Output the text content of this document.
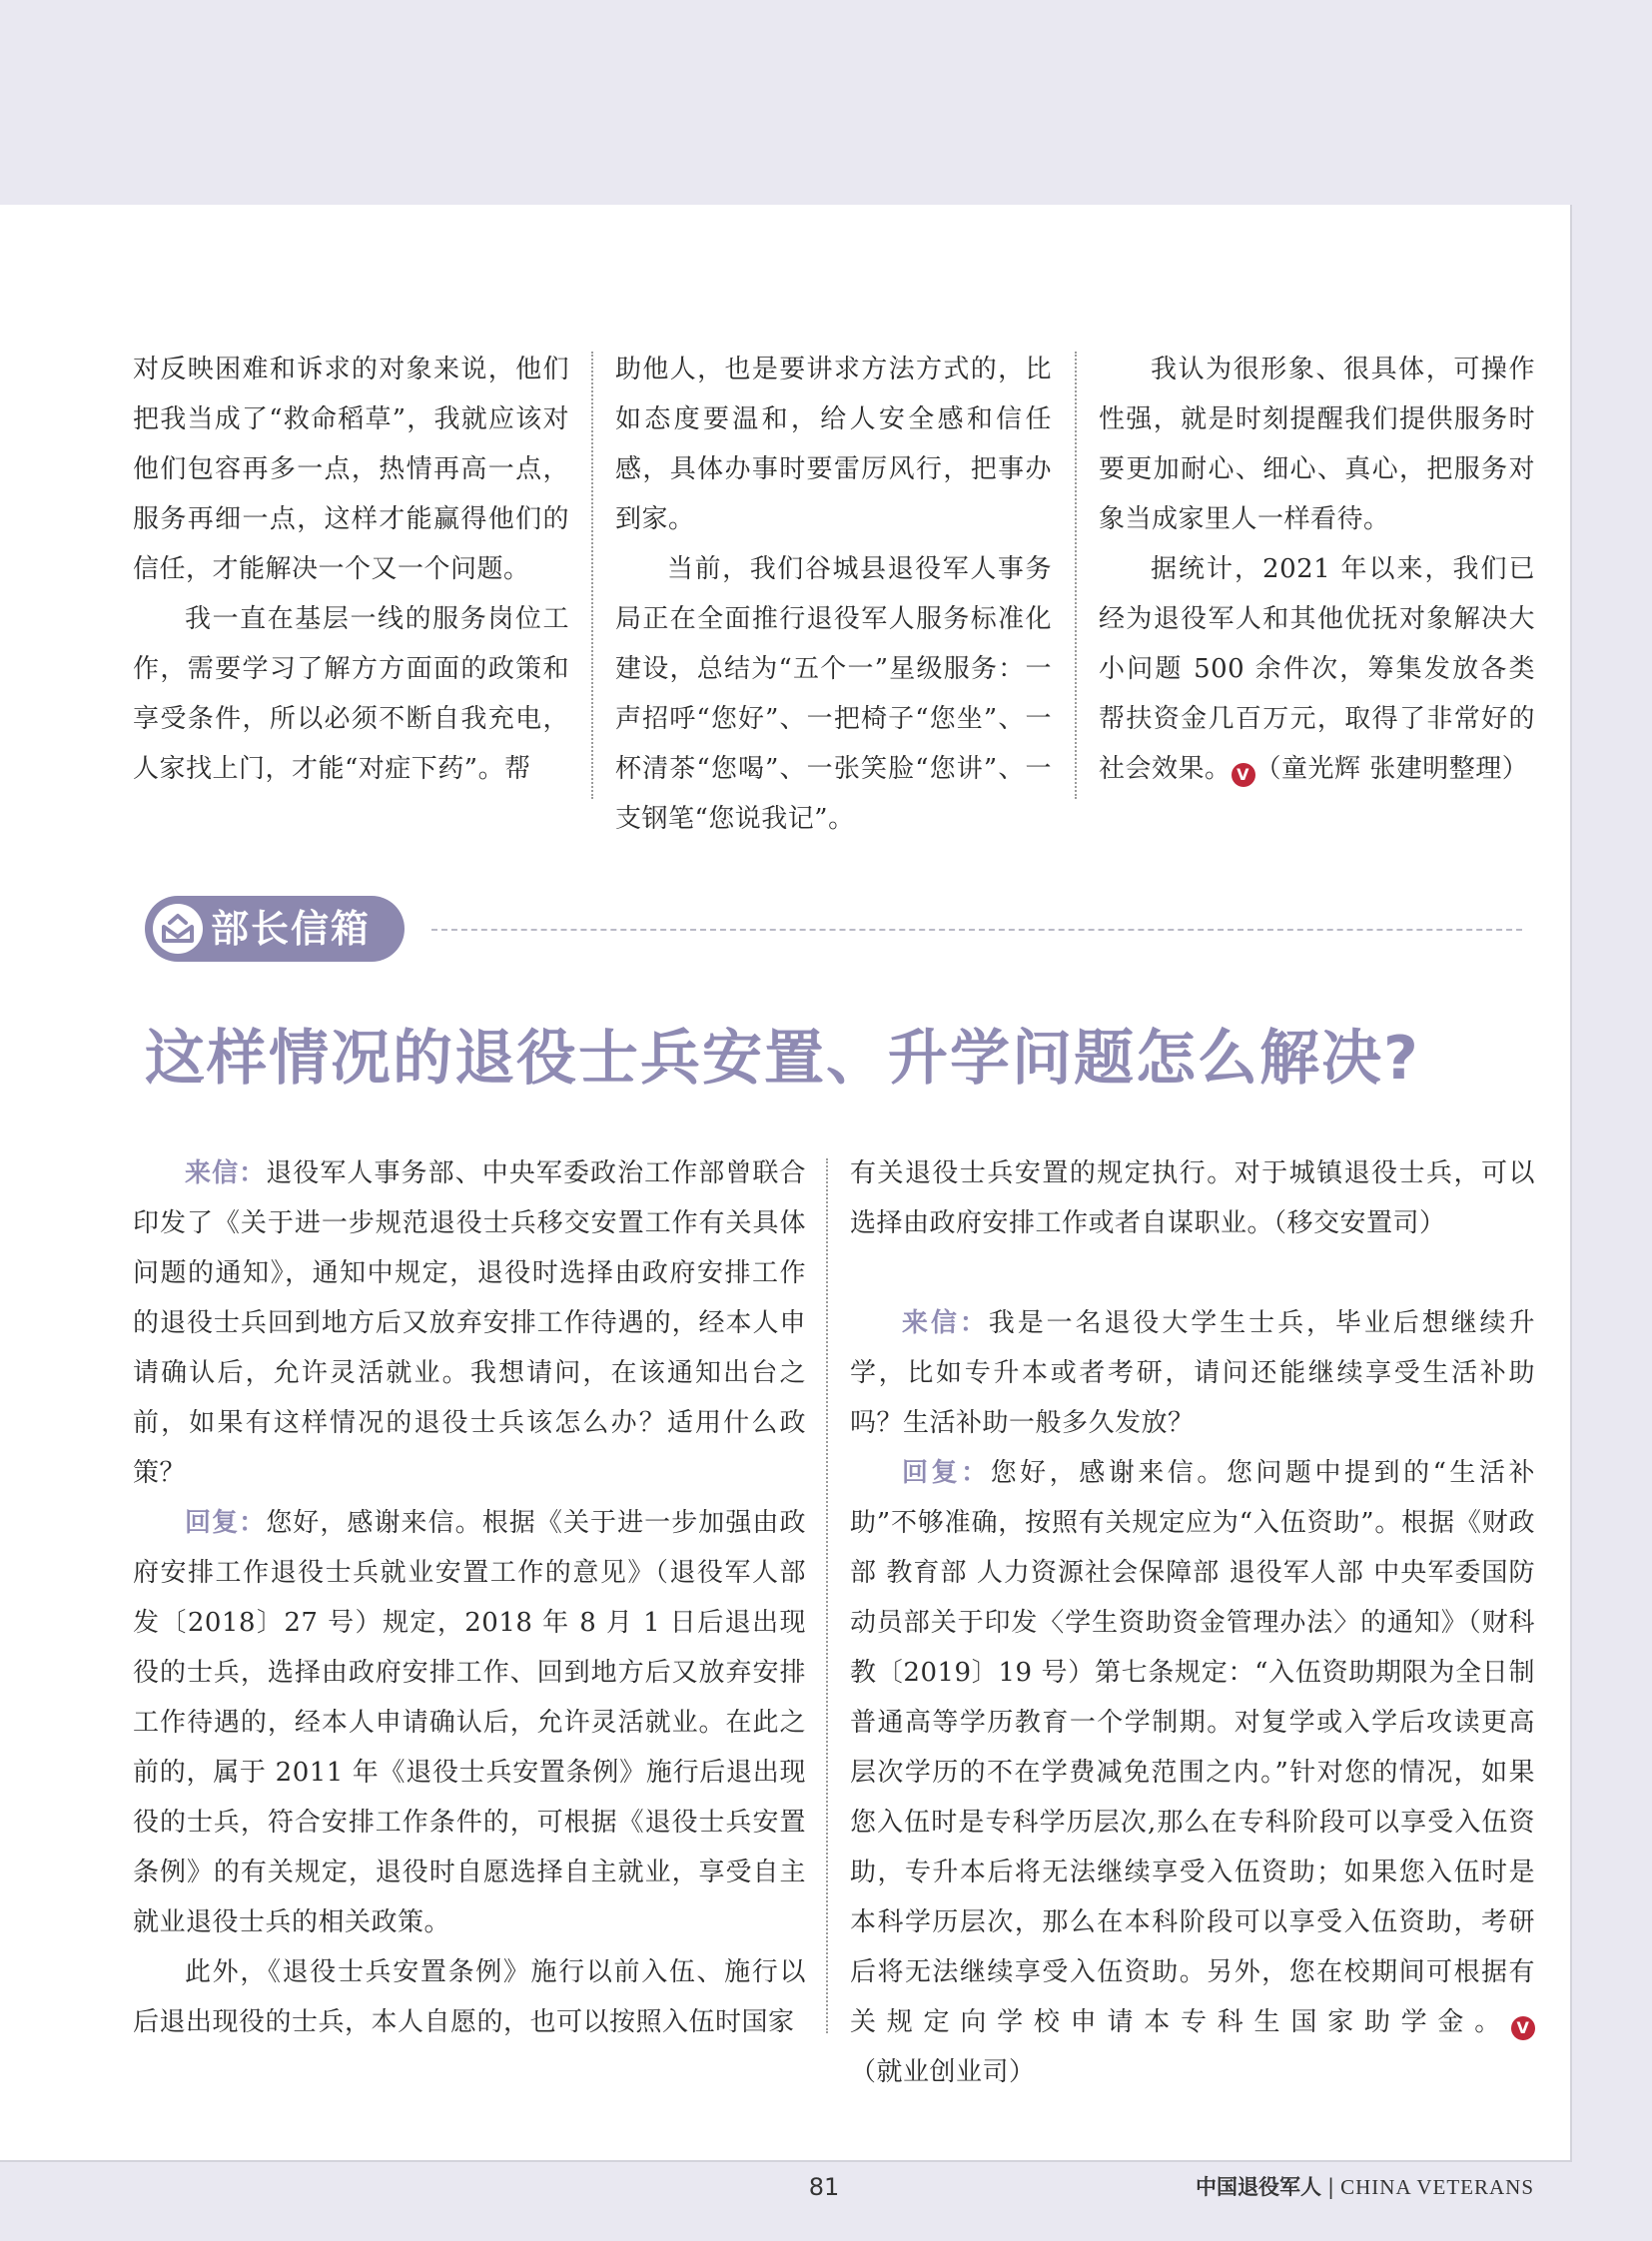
对反映困难和诉求的对象来说，他们把我当成了“救命稻草”，我就应该对他们包容再多一点，热情再高一点，服务再细一点，这样才能赢得他们的信任，才能解决一个又一个问题。

我一直在基层一线的服务岗位工作，需要学习了解方方面面的政策和享受条件，所以必须不断自我充电，人家找上门，才能“对症下药”。帮

助他人，也是要讲求方法方式的，比如态度要温和，给人安全感和信任感，具体办事时要雷厉风行，把事办到家。

当前，我们谷城县退役军人事务局正在全面推行退役军人服务标准化建设，总结为“五个一”星级服务：一声招呼“您好”、一把椅子“您坐”、一杯清茶“您喝”、一张笑脸“您讲”、一支钢笔“您说我记”。

我认为很形象、很具体，可操作性强，就是时刻提醒我们提供服务时要更加耐心、细心、真心，把服务对象当成家里人一样看待。

据统计，2021 年以来，我们已经为退役军人和其他优抚对象解决大小问题 500 余件次，筹集发放各类帮扶资金几百万元，取得了非常好的社会效果。 V （童光辉 张建明整理）

部长信箱
这样情况的退役士兵安置、升学问题怎么解决?

来信：退役军人事务部、中央军委政治工作部曾联合印发了《关于进一步规范退役士兵移交安置工作有关具体问题的通知》，通知中规定，退役时选择由政府安排工作的退役士兵回到地方后又放弃安排工作待遇的，经本人申请确认后，允许灵活就业。我想请问，在该通知出台之前，如果有这样情况的退役士兵该怎么办？适用什么政策？

回复：您好，感谢来信。根据《关于进一步加强由政府安排工作退役士兵就业安置工作的意见》（退役军人部发〔2018〕27 号）规定，2018 年 8 月 1 日后退出现役的士兵，选择由政府安排工作、回到地方后又放弃安排工作待遇的，经本人申请确认后，允许灵活就业。在此之前的，属于 2011 年《退役士兵安置条例》施行后退出现役的士兵，符合安排工作条件的，可根据《退役士兵安置条例》的有关规定，退役时自愿选择自主就业，享受自主就业退役士兵的相关政策。

此外，《退役士兵安置条例》施行以前入伍、施行以后退出现役的士兵，本人自愿的，也可以按照入伍时国家

有关退役士兵安置的规定执行。对于城镇退役士兵，可以选择由政府安排工作或者自谋职业。（移交安置司）

来信：我是一名退役大学生士兵，毕业后想继续升学，比如专升本或者考研，请问还能继续享受生活补助吗？生活补助一般多久发放？

回复：您好，感谢来信。您问题中提到的“生活补助”不够准确，按照有关规定应为“入伍资助”。根据《财政部 教育部 人力资源社会保障部 退役军人部 中央军委国防动员部关于印发〈学生资助资金管理办法〉的通知》（财科教〔2019〕19 号）第七条规定：“入伍资助期限为全日制普通高等学历教育一个学制期。对复学或入学后攻读更高层次学历的不在学费减免范围之内。”针对您的情况，如果您入伍时是专科学历层次,那么在专科阶段可以享受入伍资助，专升本后将无法继续享受入伍资助；如果您入伍时是本科学历层次，那么在本科阶段可以享受入伍资助，考研后将无法继续享受入伍资助。另外，您在校期间可根据有关规定向学校申请本专科生国家助学金。 V（就业创业司）

81	中国退役军人 | CHINA VETERANS
